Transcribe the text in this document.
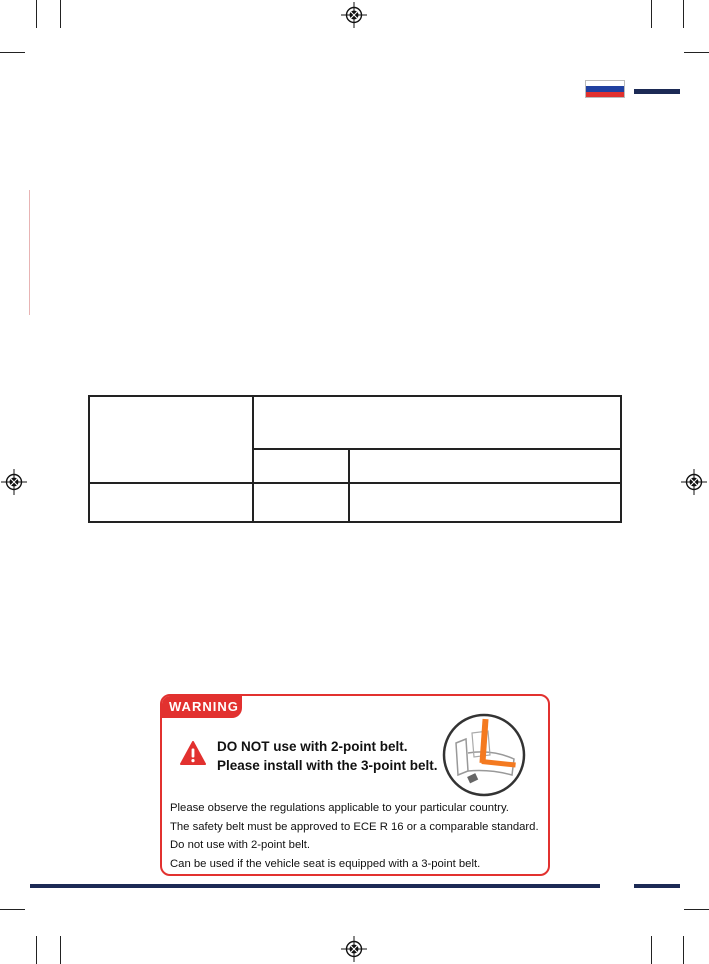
WARNING
DO NOT use with 2-point belt.
Please install with the 3-point belt.
Please observe the regulations applicable to your particular country.
The safety belt must be approved to ECE R 16 or a comparable standard.
Do not use with 2-point belt.
Can be used if the vehicle seat is equipped with a 3-point belt.
